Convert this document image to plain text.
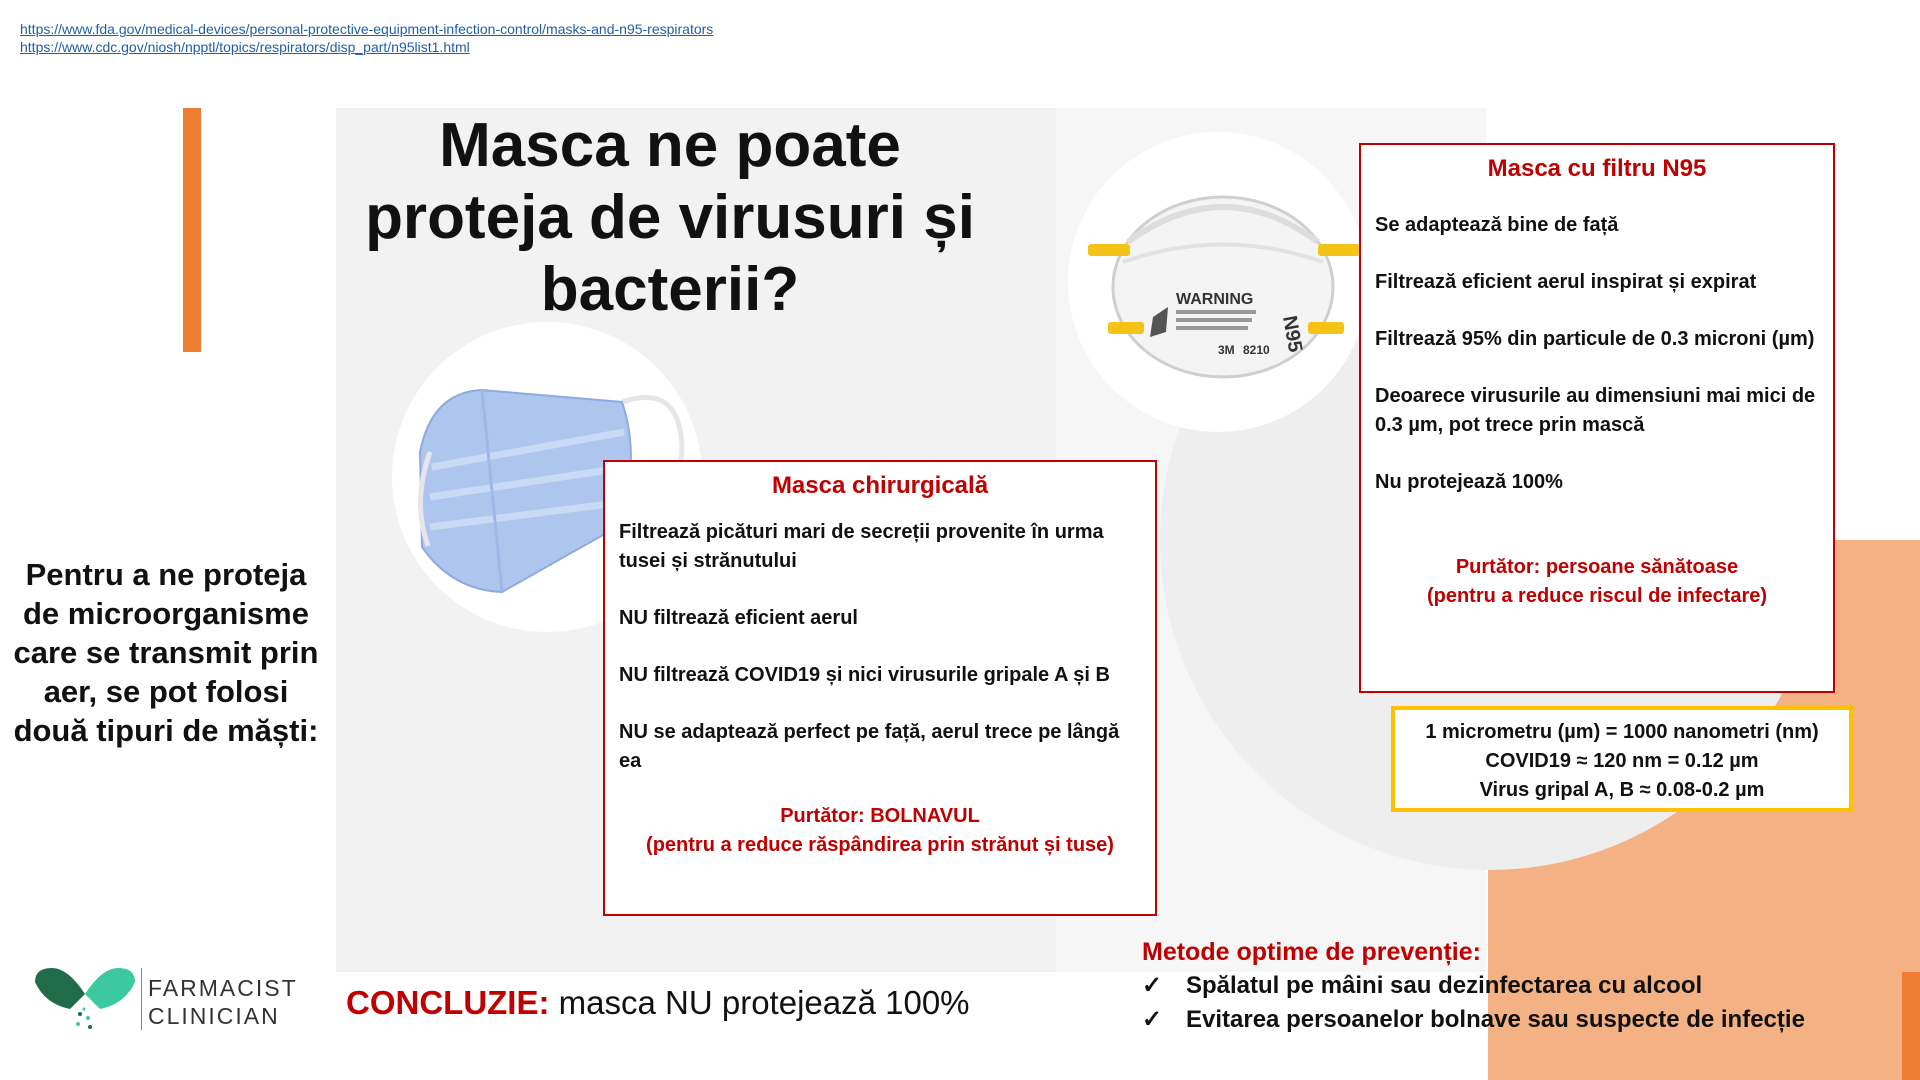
https://www.fda.gov/medical-devices/personal-protective-equipment-infection-control/masks-and-n95-respirators
https://www.cdc.gov/niosh/npptl/topics/respirators/disp_part/n95list1.html
Masca ne poate proteja de virusuri și bacterii?	WARNING
3M 8210 N95
Pentru a ne proteja de microorganisme care se transmit prin aer, se pot folosi două tipuri de măști:
Masca chirurgicală

Filtrează picături mari de secreții provenite în urma tusei și strănutului

NU filtrează eficient aerul

NU filtrează COVID19 și nici virusurile gripale A și B

NU se adaptează perfect pe față, aerul trece pe lângă ea

Purtător: BOLNAVUL
(pentru a reduce răspândirea prin strănut și tuse)
Masca cu filtru N95

Se adaptează bine de față

Filtrează eficient aerul inspirat și expirat

Filtrează 95% din particule de 0.3 microni (µm)

Deoarece virusurile au dimensiuni mai mici de 0.3 µm, pot trece prin mască

Nu protejează 100%

Purtător: persoane sănătoase
(pentru a reduce riscul de infectare)
1 micrometru (µm) = 1000 nanometri (nm)
COVID19 ≈ 120 nm = 0.12 µm
Virus gripal A, B ≈ 0.08-0.2 µm
CONCLUZIE: masca NU protejează 100%
Metode optime de prevenție:
✓ Spălatul pe mâini sau dezinfectarea cu alcool
✓ Evitarea persoanelor bolnave sau suspecte de infecție
FARMACIST
CLINICIAN
